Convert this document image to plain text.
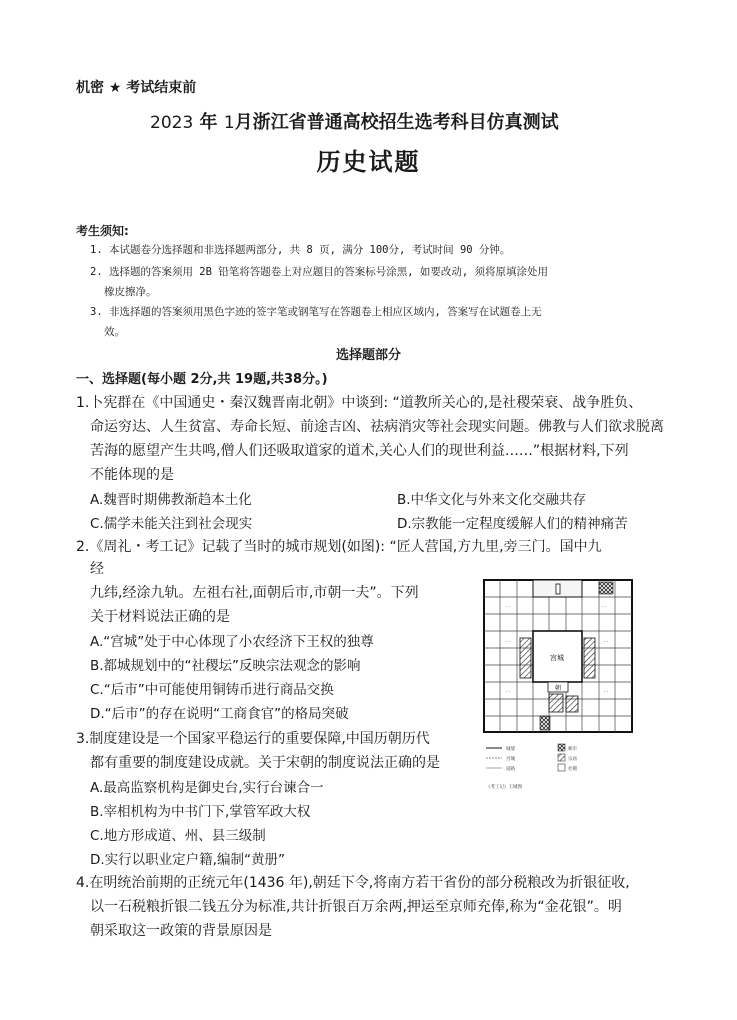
机密 ★ 考试结束前
2023 年 1月浙江省普通高校招生选考科目仿真测试
历史试题
考生须知:
1. 本试题卷分选择题和非选择题两部分, 共 8 页, 满分 100分, 考试时间 90 分钟。
2. 选择题的答案须用 2B 铅笔将答题卷上对应题目的答案标号涂黑, 如要改动, 须将原填涂处用
橡皮擦净。
3. 非选择题的答案须用黑色字迹的签字笔或钢笔写在答题卷上相应区域内, 答案写在试题卷上无
效。
选择题部分
一、选择题(每小题 2分,共 19题,共38分。)
1.卜宪群在《中国通史・秦汉魏晋南北朝》中谈到: “道教所关心的,是社稷荣衰、战争胜负、
命运穷达、人生贫富、寿命长短、前途吉凶、祛病消灾等社会现实问题。佛教与人们欲求脱离
苦海的愿望产生共鸣,僧人们还吸取道家的道术,关心人们的现世利益……”根据材料,下列
不能体现的是
A.魏晋时期佛教渐趋本土化	B.中华文化与外来文化交融共存
C.儒学未能关注到社会现实	D.宗教能一定程度缓解人们的精神痛苦
2.《周礼・考工记》记载了当时的城市规划(如图): “匠人营国,方九里,旁三门。国中九
经
九纬,经涂九轨。左祖右社,面朝后市,市朝一夫”。下列
关于材料说法正确的是
A.“宫城”处于中心体现了小农经济下王权的独尊
B.都城规划中的“社稷坛”反映宗法观念的影响
C.“后市”中可能使用铜铸币进行商品交换
D.“后市”的存在说明“工商食官”的格局突破
宫城
朝
- -
- -
- -
- -
- -
- -
城墙
宫城
道路
朝市
宗庙
社稷
《考工记》王城图
3.制度建设是一个国家平稳运行的重要保障,中国历朝历代
都有重要的制度建设成就。关于宋朝的制度说法正确的是
A.最高监察机构是御史台,实行台谏合一
B.宰相机构为中书门下,掌管军政大权
C.地方形成道、州、县三级制
D.实行以职业定户籍,编制“黄册”
4.在明统治前期的正统元年(1436 年),朝廷下令,将南方若干省份的部分税粮改为折银征收,
以一石税粮折银二钱五分为标准,共计折银百万余两,押运至京师充俸,称为“金花银”。明
朝采取这一政策的背景原因是
